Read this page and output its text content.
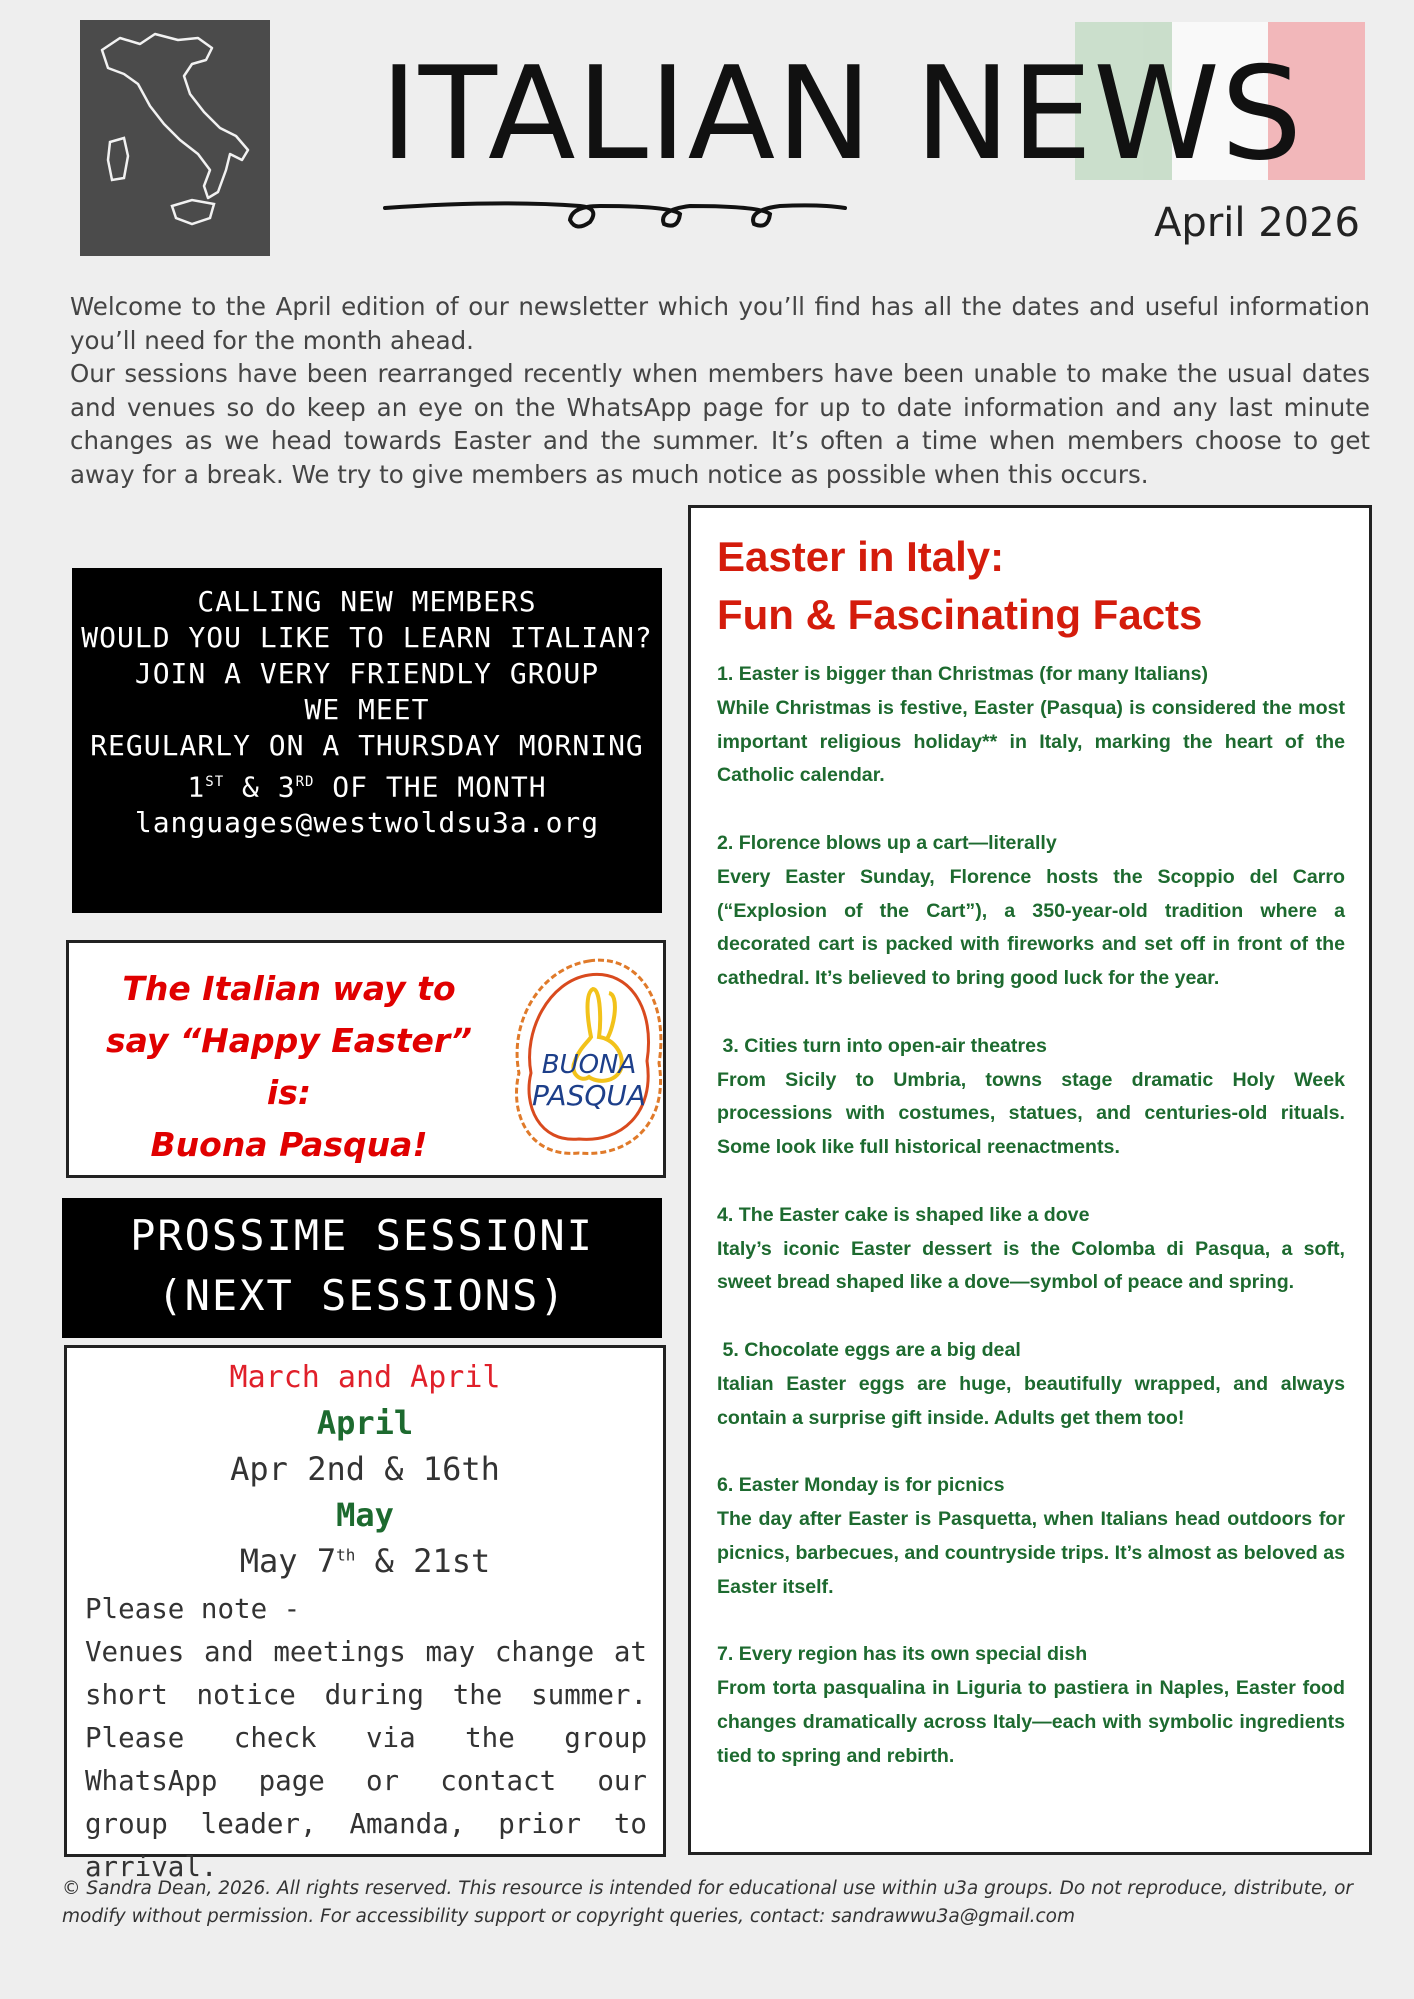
ITALIAN NEWS
April 2026

Welcome to the April edition of our newsletter which you’ll find has all the dates and useful information you’ll need for the month ahead.

Our sessions have been rearranged recently when members have been unable to make the usual dates and venues so do keep an eye on the WhatsApp page for up to date information and any last minute changes as we head towards Easter and the summer. It’s often a time when members choose to get away for a break. We try to give members as much notice as possible when this occurs.

CALLING NEW MEMBERS
WOULD YOU LIKE TO LEARN ITALIAN?
JOIN A VERY FRIENDLY GROUP
WE MEET
REGULARLY ON A THURSDAY MORNING
1ST & 3RD OF THE MONTH
languages@westwoldsu3a.org
The Italian way to
say “Happy Easter”
is:
Buona Pasqua!
BUONA
PASQUA
PROSSIME SESSIONI
(NEXT SESSIONS)
March and April
April
Apr 2nd & 16th
May
May 7th & 21st
Please note -
Venues and meetings may change at short notice during the summer. Please check via the group WhatsApp page or contact our group leader, Amanda, prior to arrival.
Easter in Italy:
Fun & Fascinating Facts
1. Easter is bigger than Christmas (for many Italians)
While Christmas is festive, Easter (Pasqua) is considered the most important religious holiday** in Italy, marking the heart of the Catholic calendar.
2. Florence blows up a cart—literally
Every Easter Sunday, Florence hosts the Scoppio del Carro (“Explosion of the Cart”), a 350-year-old tradition where a decorated cart is packed with fireworks and set off in front of the cathedral. It’s believed to bring good luck for the year.
3. Cities turn into open-air theatres
From Sicily to Umbria, towns stage dramatic Holy Week processions with costumes, statues, and centuries-old rituals. Some look like full historical reenactments.
4. The Easter cake is shaped like a dove
Italy’s iconic Easter dessert is the Colomba di Pasqua, a soft, sweet bread shaped like a dove—symbol of peace and spring.
5. Chocolate eggs are a big deal
Italian Easter eggs are huge, beautifully wrapped, and always contain a surprise gift inside. Adults get them too!
6. Easter Monday is for picnics
The day after Easter is Pasquetta, when Italians head outdoors for picnics, barbecues, and countryside trips. It’s almost as beloved as Easter itself.
7. Every region has its own special dish
From torta pasqualina in Liguria to pastiera in Naples, Easter food changes dramatically across Italy—each with symbolic ingredients tied to spring and rebirth.
© Sandra Dean, 2026. All rights reserved. This resource is intended for educational use within u3a groups. Do not reproduce, distribute, or modify without permission. For accessibility support or copyright queries, contact: sandrawwu3a@gmail.com
